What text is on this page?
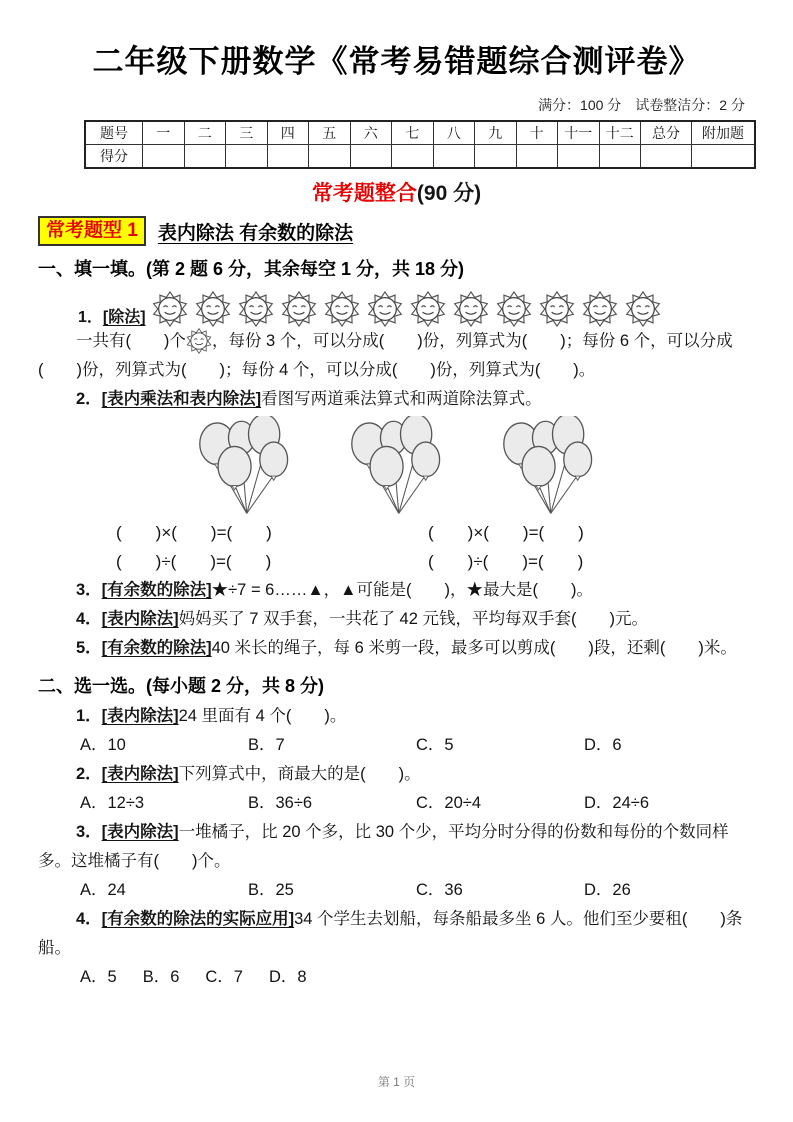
二年级下册数学《常考易错题综合测评卷》
满分：100 分　试卷整洁分：2 分
题号	一	二	三	四	五	六	七	八	九	十	十一	十二	总分	附加题
得分														
常考题整合(90 分)
常考题型 1	表内除法 有余数的除法
一、填一填。(第 2 题 6 分，其余每空 1 分，共 18 分)
1． [除法]

一共有(　　)个 ，每份 3 个，可以分成(　　)份，列算式为(　　)；每份 6 个，可以分成(　　)份，列算式为(　　)；每份 4 个，可以分成(　　)份，列算式为(　　)。

2．[表内乘法和表内除法]看图写两道乘法算式和两道除法算式。

(　　)×(　　)=(　　)	(　　)×(　　)=(　　)
(　　)÷(　　)=(　　)	(　　)÷(　　)=(　　)

3．[有余数的除法]★÷7 = 6……▲，▲可能是(　　)，★最大是(　　)。

4．[表内除法]妈妈买了 7 双手套，一共花了 42 元钱，平均每双手套(　　)元。

5．[有余数的除法]40 米长的绳子，每 6 米剪一段，最多可以剪成(　　)段，还剩(　　)米。

二、选一选。(每小题 2 分，共 8 分)

1．[表内除法]24 里面有 4 个(　　)。

A．10	B．7	C．5	D．6

2．[表内除法]下列算式中，商最大的是(　　)。

A．12÷3	B．36÷6	C．20÷4	D．24÷6

3．[表内除法]一堆橘子，比 20 个多，比 30 个少，平均分时分得的份数和每份的个数同样多。这堆橘子有(　　)个。

A．24	B．25	C．36	D．26

4．[有余数的除法的实际应用]34 个学生去划船，每条船最多坐 6 人。他们至少要租(　　)条船。

A．5 B．6 C．7 D．8
第 1 页
